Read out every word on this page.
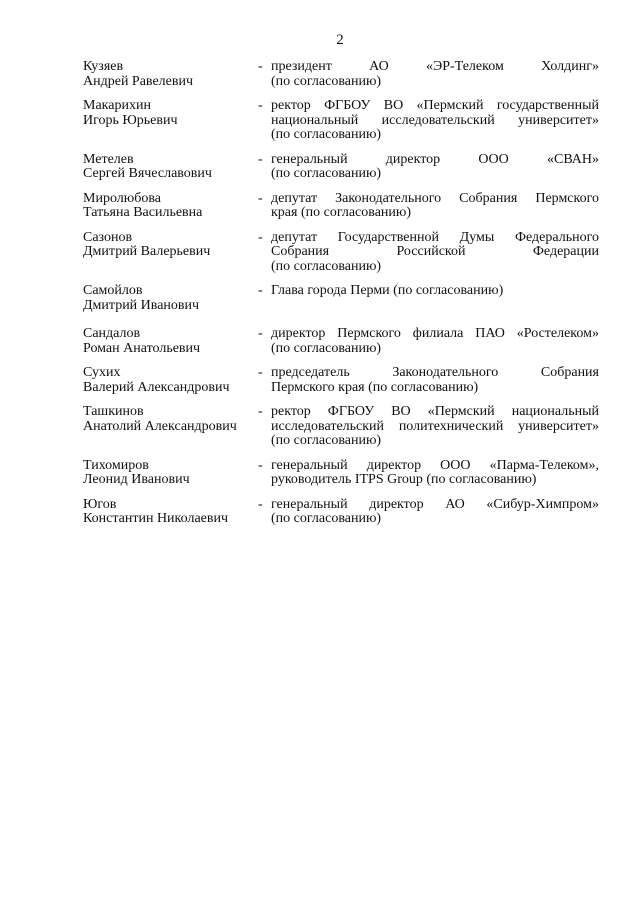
2
Кузяев
Андрей Равелевич
- президент АО «ЭР-Телеком Холдинг»
(по согласованию)
Макарихин
Игорь Юрьевич
- ректор ФГБОУ ВО «Пермский государственный
национальный исследовательский университет»
(по согласованию)
Метелев
Сергей Вячеславович
- генеральный директор ООО «СВАН»
(по согласованию)
Миролюбова
Татьяна Васильевна
- депутат Законодательного Собрания Пермского
края (по согласованию)
Сазонов
Дмитрий Валерьевич
- депутат Государственной Думы Федерального
Собрания Российской Федерации
(по согласованию)
Самойлов
Дмитрий Иванович
- Глава города Перми (по согласованию)
Сандалов
Роман Анатольевич
- директор Пермского филиала ПАО «Ростелеком»
(по согласованию)
Сухих
Валерий Александрович
- председатель Законодательного Собрания
Пермского края (по согласованию)
Ташкинов
Анатолий Александрович
- ректор ФГБОУ ВО «Пермский национальный
исследовательский политехнический университет»
(по согласованию)
Тихомиров
Леонид Иванович
- генеральный директор ООО «Парма-Телеком»,
руководитель ITPS Group (по согласованию)
Югов
Константин Николаевич
- генеральный директор АО «Сибур-Химпром»
(по согласованию)
